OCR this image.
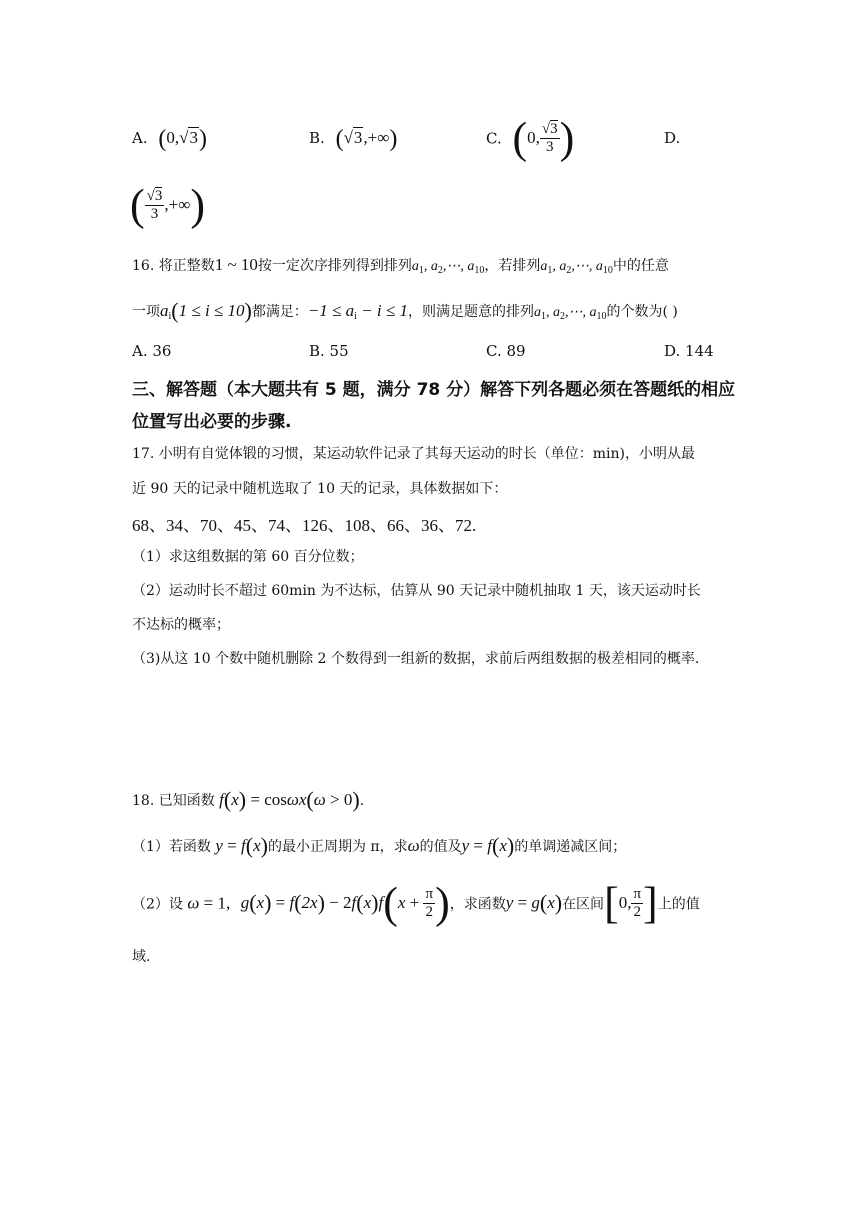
A. (0,√3)	B. (√3,+∞)	C. (0, $\frac{√3}{3}$ )	D.
( $\frac{√3}{3}$ ,+∞)
16. 将正整数1 ~ 10按一定次序排列得到排列$a_1$, $a_2,\cdots$, $a_{10}$，若排列$a_1$, $a_2,\cdots$, $a_{10}$中的任意
一项$a_i(1 \le i \le 10)$都满足：$-1 \le a_i - i \le 1$，则满足题意的排列$a_1$, $a_2,\cdots$, $a_{10}$的个数为( )
A. 36	B. 55	C. 89	D. 144
三、解答题（本大题共有 5 题，满分 78 分）解答下列各题必须在答题纸的相应
位置写出必要的步骤.
17. 小明有自觉体锻的习惯，某运动软件记录了其每天运动的时长（单位：min)，小明从最
近 90 天的记录中随机选取了 10 天的记录，具体数据如下：
68、34、70、45、74、126、108、66、36、72.
（1）求这组数据的第 60 百分位数；
（2）运动时长不超过 60min 为不达标，估算从 90 天记录中随机抽取 1 天，该天运动时长
不达标的概率；
（3)从这 10 个数中随机删除 2 个数得到一组新的数据，求前后两组数据的极差相同的概率.
18. 已知函数 f(x) = cosωx(ω > 0).
（1）若函数 y = f(x)的最小正周期为 π，求ω的值及y = f(x)的单调递减区间；
（2）设 ω = 1, $g(x) = f(2x) - 2f(x)f(x + \frac{\pi}{2}$ )，求函数y = g(x)在区间[0, $\frac{\pi}{2}$ ]上的值
域.
